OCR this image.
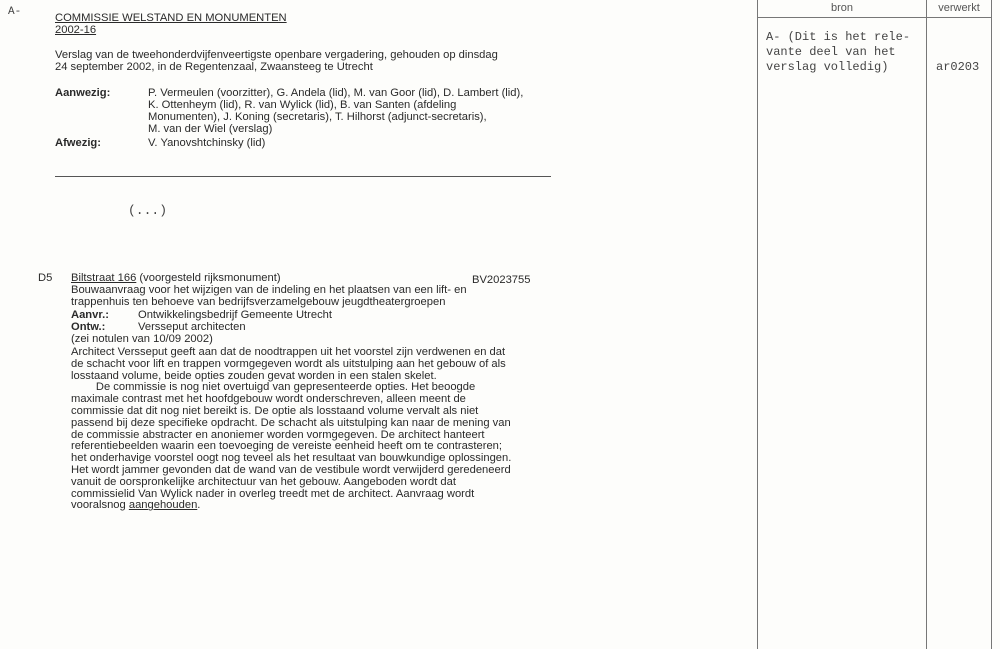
A-	COMMISSIE WELSTAND EN MONUMENTEN
2002-16
Verslag van de tweehonderdvijfenveertigste openbare vergadering, gehouden op dinsdag
24 september 2002, in de Regentenzaal, Zwaansteeg te Utrecht
Aanwezig:	P. Vermeulen (voorzitter), G. Andela (lid), M. van Goor (lid), D. Lambert (lid),
K. Ottenheym (lid), R. van Wylick (lid), B. van Santen (afdeling
Monumenten), J. Koning (secretaris), T. Hilhorst (adjunct-secretaris),
M. van der Wiel (verslag)
Afwezig:	V. Yanovshtchinsky (lid)
(...)
D5 Biltstraat 166 (voorgesteld rijksmonument)	BV2023755
Bouwaanvraag voor het wijzigen van de indeling en het plaatsen van een lift- en
trappenhuis ten behoeve van bedrijfsverzamelgebouw jeugdtheatergroepen
Aanvr.:	Ontwikkelingsbedrijf Gemeente Utrecht
Ontw.:	Versseput architecten
(zei notulen van 10/09 2002)
Architect Versseput geeft aan dat de noodtrappen uit het voorstel zijn verdwenen en dat
de schacht voor lift en trappen vormgegeven wordt als uitstulping aan het gebouw of als
losstaand volume, beide opties zouden gevat worden in een stalen skelet.
De commissie is nog niet overtuigd van gepresenteerde opties. Het beoogde
maximale contrast met het hoofdgebouw wordt onderschreven, alleen meent de
commissie dat dit nog niet bereikt is. De optie als losstaand volume vervalt als niet
passend bij deze specifieke opdracht. De schacht als uitstulping kan naar de mening van
de commissie abstracter en anoniemer worden vormgegeven. De architect hanteert
referentiebeelden waarin een toevoeging de vereiste eenheid heeft om te contrasteren;
het onderhavige voorstel oogt nog teveel als het resultaat van bouwkundige oplossingen.
Het wordt jammer gevonden dat de wand van de vestibule wordt verwijderd geredeneerd
vanuit de oorspronkelijke architectuur van het gebouw. Aangeboden wordt dat
commissielid Van Wylick nader in overleg treedt met de architect. Aanvraag wordt
vooralsnog aangehouden.
bron	verwerkt
A- (Dit is het rele-
vante deel van het
verslag volledig)	ar0203
